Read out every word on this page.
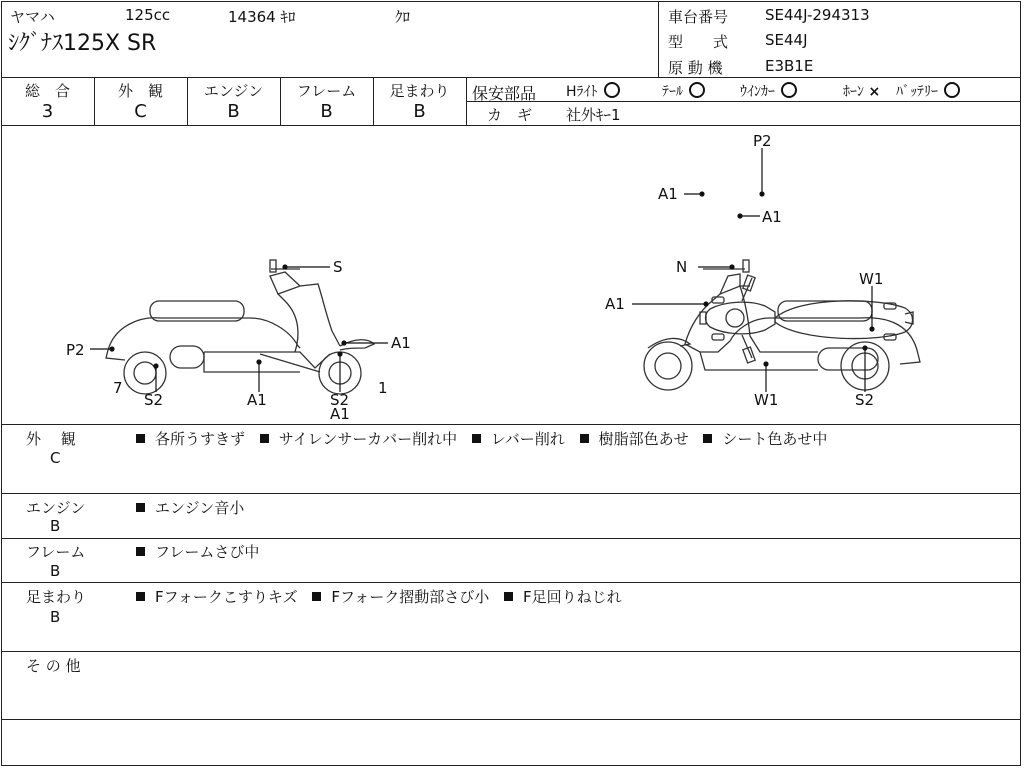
ヤマハ	125cc	14364 ｷﾛ	ｸﾛ
ｼｸﾞﾅｽ125X SR
車台番号 SE44J-294313
型　　式 SE44J
原 動 機	E3B1E
総　合
3
外　観
C
エンジン
B
フレーム
B
足まわり
B
保安部品 Hﾗｲﾄ	ﾃｰﾙ	ｳｲﾝｶｰ	ﾎｰﾝ × ﾊﾞｯﾃﾘｰ
カ　ギ 社外ｷｰ1
P2
A1
A1
S
P2	A1
7	1
S2	A1	S2
A1
N
A1
W1
W1	S2
外　 観
C
各所うすきず サイレンサーカバー削れ中 レバー削れ 樹脂部色あせ シート色あせ中
エンジン
B
エンジン音小
フレーム
B
フレームさび中
足まわり
B
Fフォークこすりキズ Fフォーク摺動部さび小 F足回りねじれ
そ の 他
